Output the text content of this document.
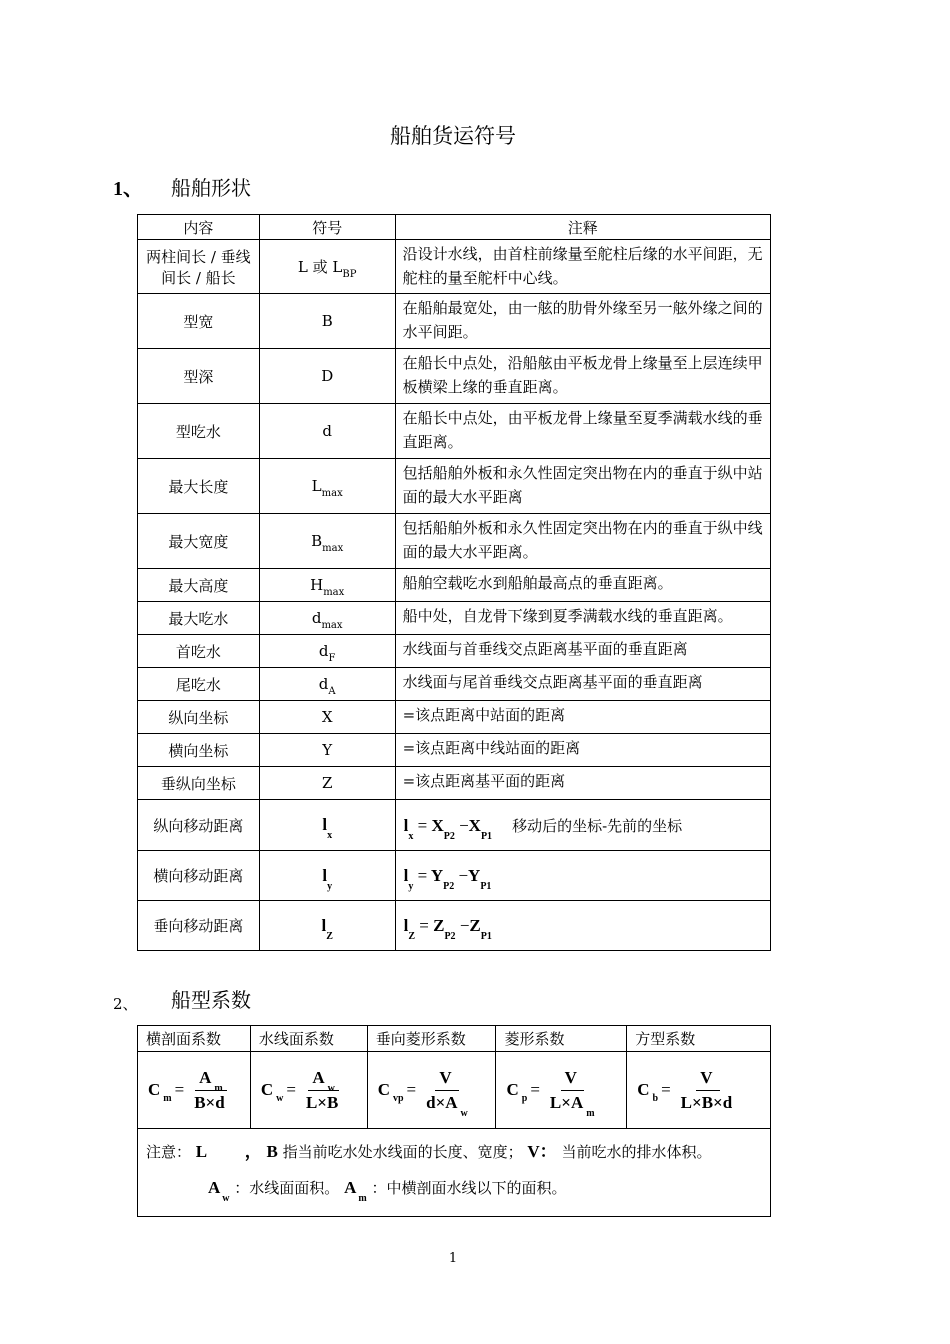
船舶货运符号
1、 船舶形状
内容	符号	注释
两柱间长 / 垂线间长 / 船长	L 或 $L_{BP}$	沿设计水线，由首柱前缘量至舵柱后缘的水平间距，无舵柱的量至舵杆中心线。
型宽	B	在船舶最宽处，由一舷的肋骨外缘至另一舷外缘之间的水平间距。
型深	D	在船长中点处，沿船舷由平板龙骨上缘量至上层连续甲板横梁上缘的垂直距离。
型吃水	d	在船长中点处，由平板龙骨上缘量至夏季满载水线的垂直距离。
最大长度	$L_{max}$	包括船舶外板和永久性固定突出物在内的垂直于纵中站面的最大水平距离
最大宽度	$B_{max}$	包括船舶外板和永久性固定突出物在内的垂直于纵中线面的最大水平距离。
最大高度	$H_{max}$	船舶空载吃水到船舶最高点的垂直距离。
最大吃水	$d_{max}$	船中处，自龙骨下缘到夏季满载水线的垂直距离。
首吃水	$d_F$	水线面与首垂线交点距离基平面的垂直距离
尾吃水	$d_A$	水线面与尾首垂线交点距离基平面的垂直距离
纵向坐标	X	=该点距离中站面的距离
横向坐标	Y	=该点距离中线站面的距离
垂纵向坐标	Z	=该点距离基平面的距离
纵向移动距离	$l_x$	$l_x = X_{P2} -X_{P1}$移动后的坐标-先前的坐标
横向移动距离	$l_y$	$l_y = Y_{P2} -Y_{P1}$
垂向移动距离	$l_Z$	$l_Z = Z_{P2} -Z_{P1}$
$_{2、}$ 船型系数
横剖面系数	水线面系数	垂向菱形系数	菱形系数	方型系数

C $_m = \frac{A_m}{B\times d}$	C $_w = \frac{A_w}{L\times B}$	C $_{vp} = \frac{V}{d\times A_w}$	C $_p = \frac{V}{L\times A_m}$	C $_b = \frac{V}{L\times B\times d}$

注意： L ， B 指当前吃水处水线面的长度、宽度； V： 当前吃水的排水体积。
$A_w$ ：水线面面积。 $A_m$ ：中横剖面水线以下的面积。				
1
